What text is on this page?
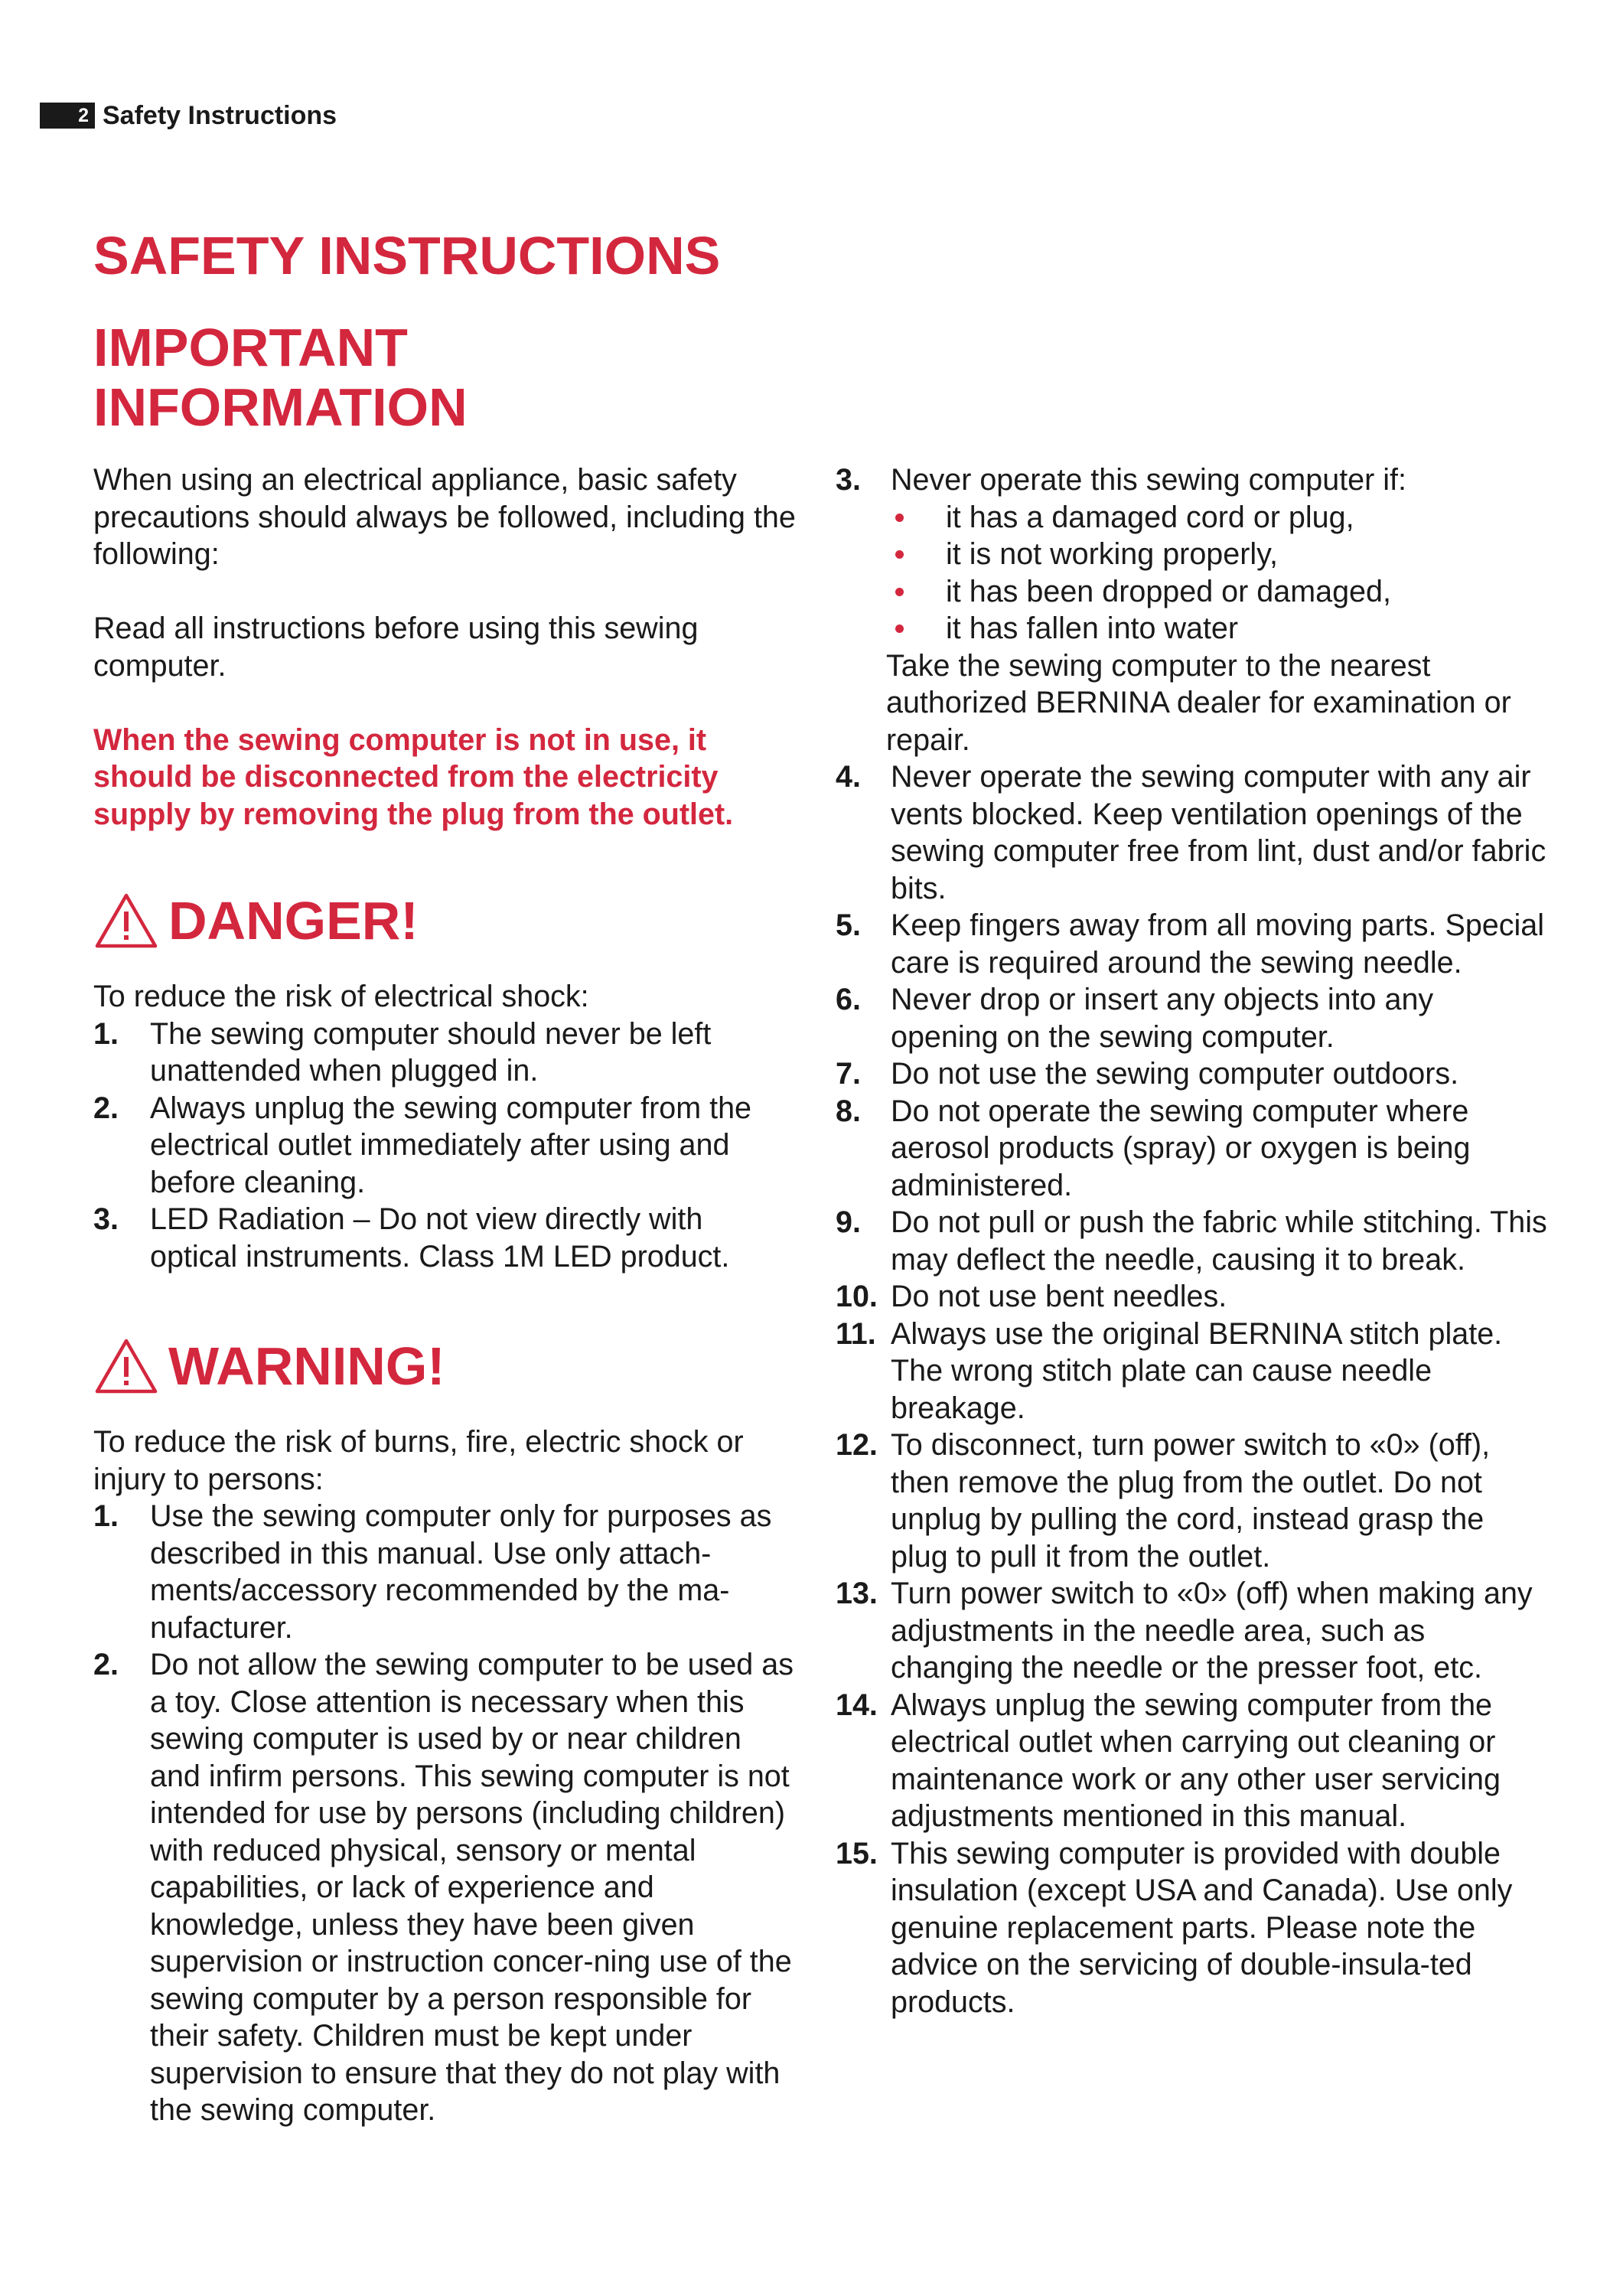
2 Safety Instructions
SAFETY INSTRUCTIONS
IMPORTANT INFORMATION

When using an electrical appliance, basic safety precautions should always be followed, including the following:

Read all instructions before using this sewing computer.

When the sewing computer is not in use, it should be disconnected from the electricity supply by removing the plug from the outlet.

DANGER!

To reduce the risk of electrical shock:

1. The sewing computer should never be left unattended when plugged in.
2. Always unplug the sewing computer from the electrical outlet immediately after using and before cleaning.
3. LED Radiation – Do not view directly with optical instruments. Class 1M LED product.
WARNING!

To reduce the risk of burns, fire, electric shock or injury to persons:

1. Use the sewing computer only for purposes as described in this manual. Use only attach-ments/accessory recommended by the ma-nufacturer.
2. Do not allow the sewing computer to be used as a toy. Close attention is necessary when this sewing computer is used by or near children and infirm persons. This sewing computer is not intended for use by persons (including children) with reduced physical, sensory or mental capabilities, or lack of experience and knowledge, unless they have been given supervision or instruction concer-ning use of the sewing computer by a person responsible for their safety. Children must be kept under supervision to ensure that they do not play with the sewing computer.
3. Never operate this sewing computer if:
it has a damaged cord or plug,
it is not working properly,
it has been dropped or damaged,
it has fallen into water

Take the sewing computer to the nearest authorized BERNINA dealer for examination or repair.

4. Never operate the sewing computer with any air vents blocked. Keep ventilation openings of the sewing computer free from lint, dust and/or fabric bits.
5. Keep fingers away from all moving parts. Special care is required around the sewing needle.
6. Never drop or insert any objects into any opening on the sewing computer.
7. Do not use the sewing computer outdoors.
8. Do not operate the sewing computer where aerosol products (spray) or oxygen is being administered.
9. Do not pull or push the fabric while stitching. This may deflect the needle, causing it to break.
10. Do not use bent needles.
11. Always use the original BERNINA stitch plate. The wrong stitch plate can cause needle breakage.
12. To disconnect, turn power switch to «0» (off), then remove the plug from the outlet. Do not unplug by pulling the cord, instead grasp the plug to pull it from the outlet.
13. Turn power switch to «0» (off) when making any adjustments in the needle area, such as changing the needle or the presser foot, etc.
14. Always unplug the sewing computer from the electrical outlet when carrying out cleaning or maintenance work or any other user servicing adjustments mentioned in this manual.
15. This sewing computer is provided with double insulation (except USA and Canada). Use only genuine replacement parts. Please note the advice on the servicing of double-insula-ted products.
